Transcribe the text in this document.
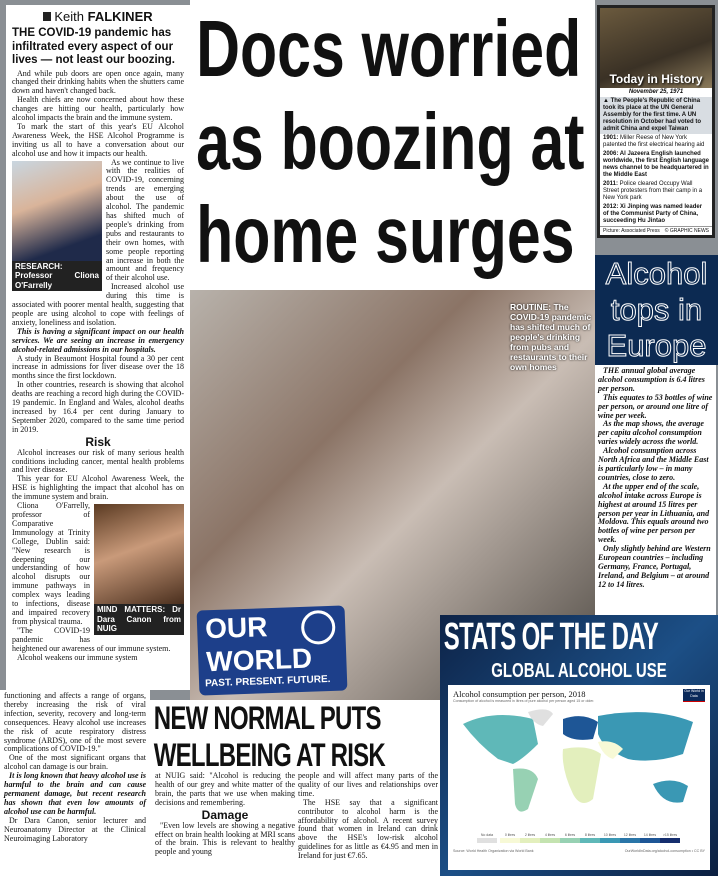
Keith FALKINER
THE COVID-19 pandemic has infiltrated every aspect of our lives — not least our boozing.

And while pub doors are open once again, many changed their drinking habits when the shutters came down and haven't changed back.

Health chiefs are now concerned about how these changes are hitting our health, particularly how alcohol impacts the brain and the immune system.

To mark the start of this year's EU Alcohol Awareness Week, the HSE Alcohol Programme is inviting us all to have a conversation about our alcohol use and how it impacts our health.

RESEARCH: Professor Cliona O'Farrelly

As we continue to live with the realities of COVID-19, concerning trends are emerging about the use of alcohol. The pandemic has shifted much of people's drinking from pubs and restaurants to their own homes, with some people reporting an increase in both the amount and frequency of their alcohol use.

Increased alcohol use during this time is associated with poorer mental health, suggesting that people are using alcohol to cope with feelings of anxiety, loneliness and isolation.

This is having a significant impact on our health services. We are seeing an increase in emergency alcohol-related admissions in our hospitals.

A study in Beaumont Hospital found a 30 per cent increase in admissions for liver disease over the 18 months since the first lockdown.

In other countries, research is showing that alcohol deaths are reaching a record high during the COVID-19 pandemic. In England and Wales, alcohol deaths increased by 16.4 per cent during January to September 2020, compared to the same time period in 2019.

Risk

Alcohol increases our risk of many serious health conditions including cancer, mental health problems and liver disease.

This year for EU Alcohol Awareness Week, the HSE is highlighting the impact that alcohol has on the immune system and brain.

MIND MATTERS: Dr Dara Canon from NUIG

Cliona O'Farrelly, professor of Comparative Immunology at Trinity College, Dublin said: "New research is deepening our understanding of how alcohol disrupts our immune pathways in complex ways leading to infections, disease and impaired recovery from physical trauma.

"The COVID-19 pandemic has heightened our awareness of our immune system.

Alcohol weakens our immune system

Docs worried as boozing at home surges
ROUTINE: The COVID-19 pandemic has shifted much of people's drinking from pubs and restaurants to their own homes
OUR
WORLD
PAST. PRESENT. FUTURE.
Today in History
November 25, 1971
▲ The People's Republic of China took its place at the UN General Assembly for the first time. A UN resolution in October had voted to admit China and expel Taiwan
1901: Miller Reese of New York patented the first electrical hearing aid
2006: Al Jazeera English launched worldwide, the first English language news channel to be headquartered in the Middle East
2011: Police cleared Occupy Wall Street protesters from their camp in a New York park
2012: Xi Jinping was named leader of the Communist Party of China, succeeding Hu Jintao
Picture: Associated Press © GRAPHIC NEWS
Alcohol tops in Europe

THE annual global average alcohol consumption is 6.4 litres per person.

This equates to 53 bottles of wine per person, or around one litre of wine per week.

As the map shows, the average per capita alcohol consumption varies widely across the world.

Alcohol consumption across North Africa and the Middle East is particularly low – in many countries, close to zero.

At the upper end of the scale, alcohol intake across Europe is highest at around 15 litres per person per year in Lithuania, and Moldova. This equals around two bottles of wine per person per week.

Only slightly behind are Western European countries – including Germany, France, Portugal, Ireland, and Belgium – at around 12 to 14 litres.

STATS OF THE DAY
GLOBAL ALCOHOL USE
Alcohol consumption per person, 2018
Consumption of alcohol is measured in litres of pure alcohol per person aged 15 or older.
Our World in Data
No data	0 litres	2 litres	4 litres	6 litres	8 litres	10 litres	12 litres	14 litres	>15 litres
Source: World Health Organization via World Bank	OurWorldInData.org/alcohol-consumption • CC BY

functioning and affects a range of organs, thereby increasing the risk of viral infection, severity, recovery and long-term consequences. Heavy alcohol use increases the risk of acute respiratory distress syndrome (ARDS), one of the most severe complications of COVID-19."

One of the most significant organs that alcohol can damage is our brain.

It is long known that heavy alcohol use is harmful to the brain and can cause permanent damage, but recent research has shown that even low amounts of alcohol use can be harmful.

Dr Dara Canon, senior lecturer and Neuroanatomy Director at the Clinical Neuroimaging Laboratory

NEW NORMAL PUTS WELLBEING AT RISK

at NUIG said: "Alcohol is reducing the health of our grey and white matter of the brain, the parts that we use when making decisions and remembering.

Damage

"Even low levels are showing a negative effect on brain health looking at MRI scans of the brain. This is relevant to healthy people and young

people and will affect many parts of the quality of our lives and relationships over time.

The HSE say that a significant contributor to alcohol harm is the affordability of alcohol. A recent survey found that women in Ireland can drink above the HSE's low-risk alcohol guidelines for as little as €4.95 and men in Ireland for just €7.65.
